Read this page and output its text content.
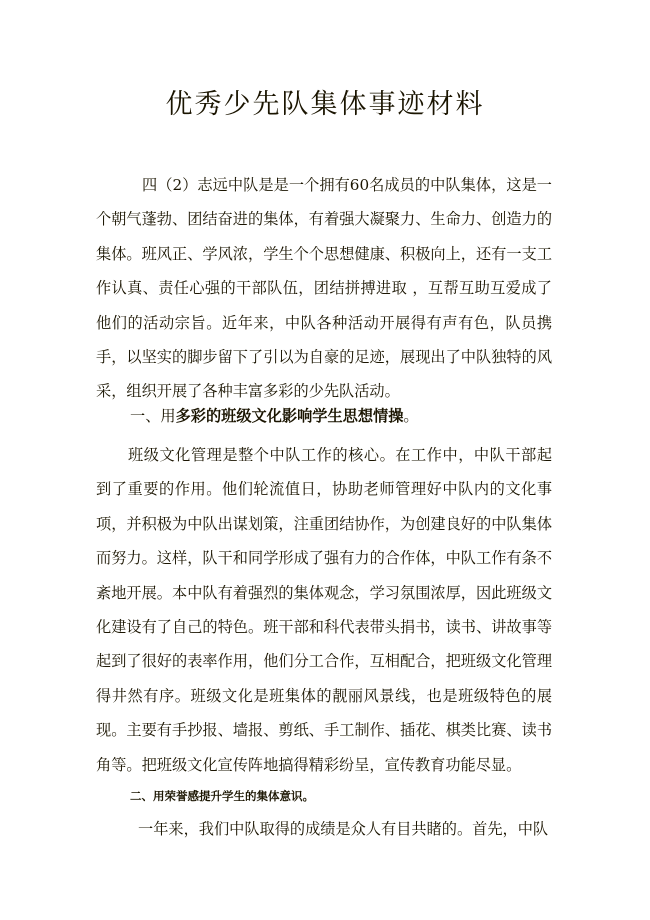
优秀少先队集体事迹材料

四（2）志远中队是是一个拥有60名成员的中队集体，这是一个朝气蓬勃、团结奋进的集体，有着强大凝聚力、生命力、创造力的集体。班风正、学风浓，学生个个思想健康、积极向上，还有一支工作认真、责任心强的干部队伍，团结拼搏进取 ，互帮互助互爱成了他们的活动宗旨。近年来，中队各种活动开展得有声有色，队员携手，以坚实的脚步留下了引以为自豪的足迹，展现出了中队独特的风采，组织开展了各种丰富多彩的少先队活动。

一、用多彩的班级文化影响学生思想情操。

班级文化管理是整个中队工作的核心。在工作中，中队干部起到了重要的作用。他们轮流值日，协助老师管理好中队内的文化事项，并积极为中队出谋划策，注重团结协作，为创建良好的中队集体而努力。这样，队干和同学形成了强有力的合作体，中队工作有条不紊地开展。本中队有着强烈的集体观念，学习氛围浓厚，因此班级文化建设有了自己的特色。班干部和科代表带头捐书，读书、讲故事等起到了很好的表率作用，他们分工合作，互相配合，把班级文化管理得井然有序。班级文化是班集体的靓丽风景线，也是班级特色的展现。主要有手抄报、墙报、剪纸、手工制作、插花、棋类比赛、读书角等。把班级文化宣传阵地搞得精彩纷呈，宣传教育功能尽显。

二、用荣誉感提升学生的集体意识。

一年来，我们中队取得的成绩是众人有目共睹的。首先，中队
